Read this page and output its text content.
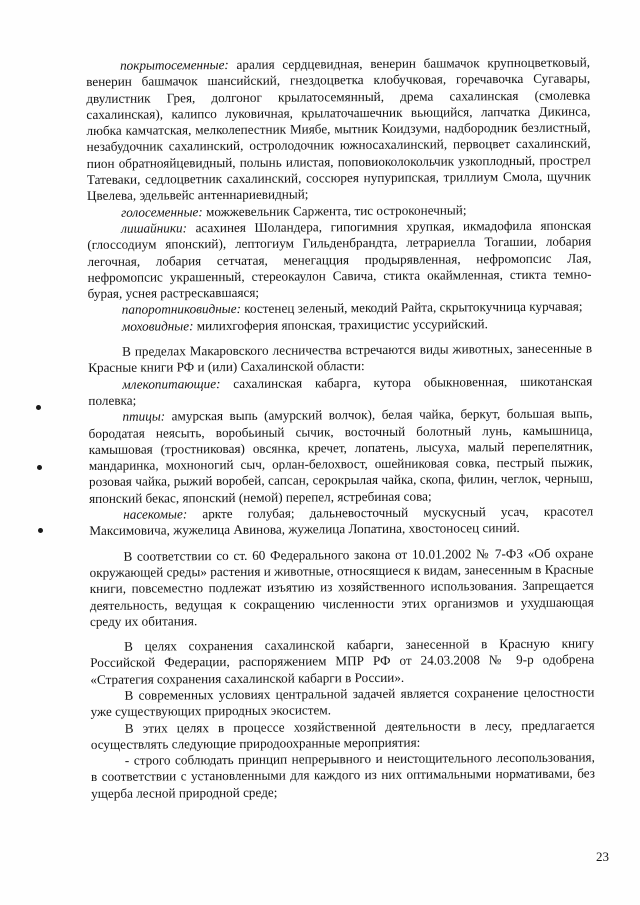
покрытосеменные: аралия сердцевидная, венерин башмачок крупноцветковый, венерин башмачок шансийский, гнездоцветка клобучковая, горечавочка Сугавары, двулистник Грея, долгоног крылатосемянный, дрема сахалинская (смолевка сахалинская), калипсо луковичная, крылаточашечник вьющийся, лапчатка Дикинса, любка камчатская, мелколепестник Миябе, мытник Коидзуми, надбородник безлистный, незабудочник сахалинский, остролодочник южносахалинский, первоцвет сахалинский, пион обратнояйцевидный, полынь илистая, поповиоколокольчик узкоплодный, прострел Татеваки, седлоцветник сахалинский, соссюрея нупурипская, триллиум Смола, щучник Цвелева, эдельвейс антеннариевидный;

голосеменные: можжевельник Саржента, тис остроконечный;

лишайники: асахинея Шоландера, гипогимния хрупкая, икмадофила японская (глоссодиум японский), лептогиум Гильденбрандта, летрариелла Тогашии, лобария легочная, лобария сетчатая, менегацция продырявленная, нефромопсис Лая, нефромопсис украшенный, стереокаулон Савича, стикта окаймленная, стикта темно-бурая, уснея растрескавшаяся;

папоротниковидные: костенец зеленый, мекодий Райта, скрытокучница курчавая;

моховидные: милихгоферия японская, трахицистис уссурийский.

В пределах Макаровского лесничества встречаются виды животных, занесенные в Красные книги РФ и (или) Сахалинской области:

млекопитающие: сахалинская кабарга, кутора обыкновенная, шикотанская полевка;

птицы: амурская выпь (амурский волчок), белая чайка, беркут, большая выпь, бородатая неясыть, воробьиный сычик, восточный болотный лунь, камышница, камышовая (тростниковая) овсянка, кречет, лопатень, лысуха, малый перепелятник, мандаринка, мохноногий сыч, орлан-белохвост, ошейниковая совка, пестрый пыжик, розовая чайка, рыжий воробей, сапсан, серокрылая чайка, скопа, филин, чеглок, черныш, японский бекас, японский (немой) перепел, ястребиная сова;

насекомые: аркте голубая; дальневосточный мускусный усач, красотел Максимовича, жужелица Авинова, жужелица Лопатина, хвостоносец синий.

В соответствии со ст. 60 Федерального закона от 10.01.2002 № 7-ФЗ «Об охране окружающей среды» растения и животные, относящиеся к видам, занесенным в Красные книги, повсеместно подлежат изъятию из хозяйственного использования. Запрещается деятельность, ведущая к сокращению численности этих организмов и ухудшающая среду их обитания.

В целях сохранения сахалинской кабарги, занесенной в Красную книгу Российской Федерации, распоряжением МПР РФ от 24.03.2008 № 9-р одобрена «Стратегия сохранения сахалинской кабарги в России».

В современных условиях центральной задачей является сохранение целостности уже существующих природных экосистем.

В этих целях в процессе хозяйственной деятельности в лесу, предлагается осуществлять следующие природоохранные мероприятия:

- строго соблюдать принцип непрерывного и неистощительного лесопользования, в соответствии с установленными для каждого из них оптимальными нормативами, без ущерба лесной природной среде;

23
